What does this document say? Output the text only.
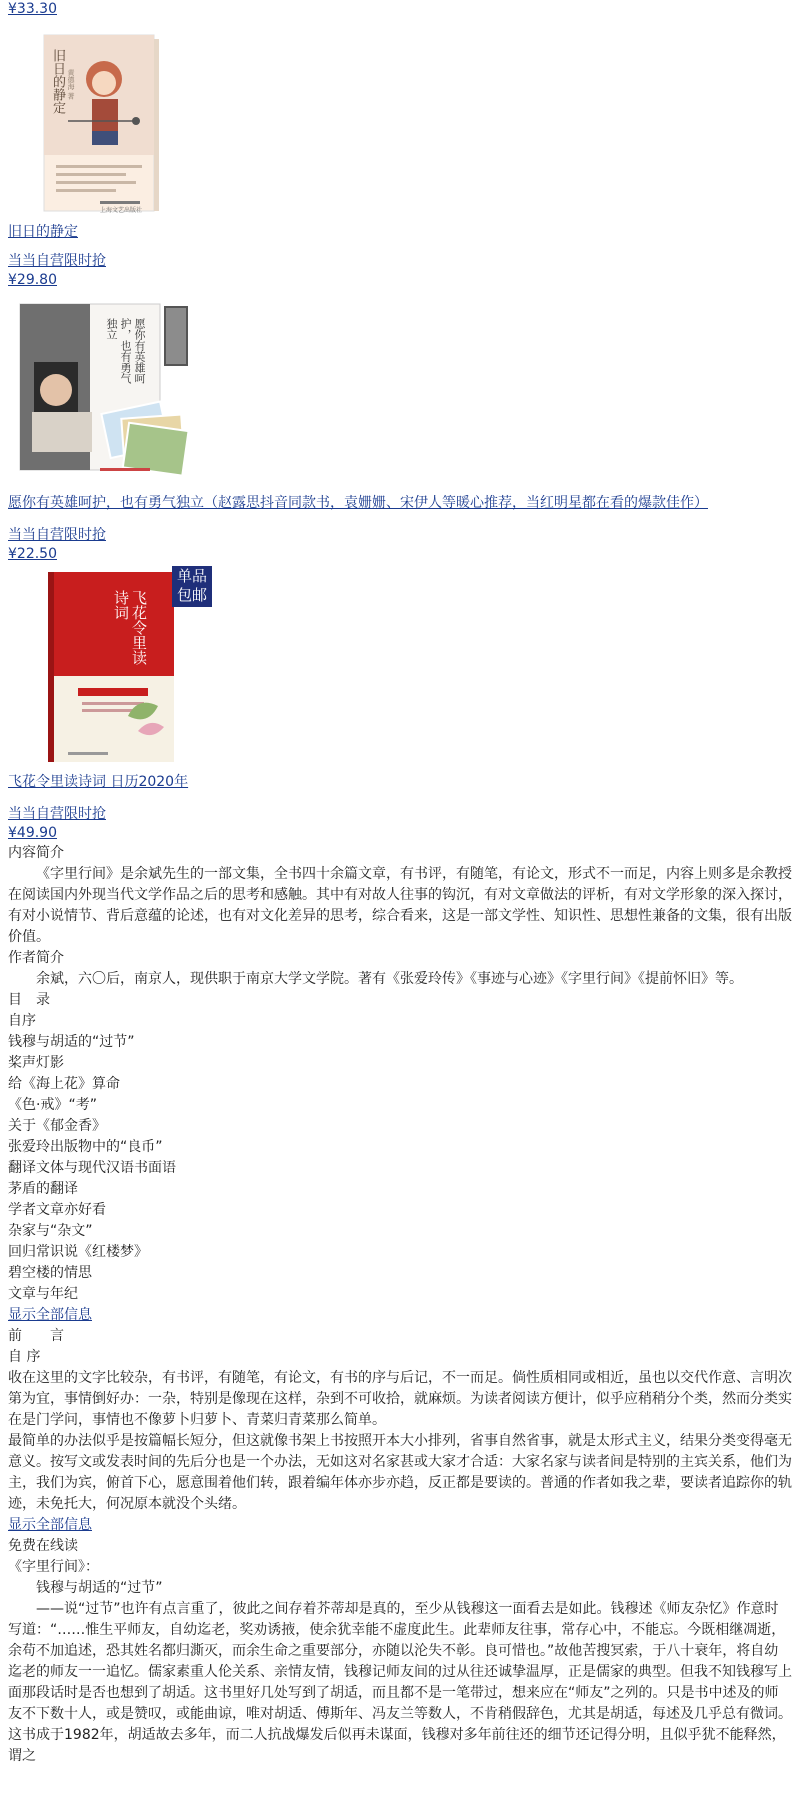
¥33.30
旧日的静定 黄德海 著
上海文艺出版社
旧日的静定
当当自营限时抢
¥29.80
愿你有英雄呵护，也有勇气独立
愿你有英雄呵护，也有勇气独立（赵露思抖音同款书，袁姗姗、宋伊人等暖心推荐，当红明星都在看的爆款佳作）
当当自营限时抢
¥22.50
飞花令里读诗词
单品
包邮
飞花令里读诗词 日历2020年
当当自营限时抢
¥49.90
内容简介

《字里行间》是余斌先生的一部文集，全书四十余篇文章，有书评，有随笔，有论文，形式不一而足，内容上则多是余教授在阅读国内外现当代文学作品之后的思考和感触。其中有对故人往事的钩沉，有对文章做法的评析，有对文学形象的深入探讨，有对小说情节、背后意蕴的论述，也有对文化差异的思考，综合看来，这是一部文学性、知识性、思想性兼备的文集，很有出版价值。

作者简介

余斌，六〇后，南京人，现供职于南京大学文学院。著有《张爱玲传》《事迹与心迹》《字里行间》《提前怀旧》等。

目　录
自序
钱穆与胡适的“过节”
桨声灯影
给《海上花》算命
《色·戒》“考”
关于《郁金香》
张爱玲出版物中的“良币”
翻译文体与现代汉语书面语
茅盾的翻译
学者文章亦好看
杂家与“杂文”
回归常识说《红楼梦》
碧空楼的情思
文章与年纪
显示全部信息
前　　言
自 序

收在这里的文字比较杂，有书评，有随笔，有论文，有书的序与后记，不一而足。倘性质相同或相近，虽也以交代作意、言明次第为宜，事情倒好办：一杂，特别是像现在这样，杂到不可收拾，就麻烦。为读者阅读方便计，似乎应稍稍分个类，然而分类实在是门学问，事情也不像萝卜归萝卜、青菜归青菜那么简单。

最简单的办法似乎是按篇幅长短分，但这就像书架上书按照开本大小排列，省事自然省事，就是太形式主义，结果分类变得毫无意义。按写文或发表时间的先后分也是一个办法，无如这对名家甚或大家才合适：大家名家与读者间是特别的主宾关系，他们为主，我们为宾，俯首下心，愿意围着他们转，跟着编年体亦步亦趋，反正都是要读的。普通的作者如我之辈，要读者追踪你的轨迹，未免托大，何况原本就没个头绪。

显示全部信息
免费在线读
《字里行间》：
钱穆与胡适的“过节”

——说“过节”也许有点言重了，彼此之间存着芥蒂却是真的，至少从钱穆这一面看去是如此。钱穆述《师友杂忆》作意时写道：“……惟生平师友，自幼迄老，奖劝诱掖，使余犹幸能不虚度此生。此辈师友往事，常存心中，不能忘。今既相继凋逝，余苟不加追述，恐其姓名都归澌灭，而余生命之重要部分，亦随以沦失不彰。良可惜也。”故他苦搜冥索，于八十衰年，将自幼迄老的师友一一追忆。儒家素重人伦关系、亲情友情，钱穆记师友间的过从往还诚挚温厚，正是儒家的典型。但我不知钱穆写上面那段话时是否也想到了胡适。这书里好几处写到了胡适，而且都不是一笔带过，想来应在“师友”之列的。只是书中述及的师友不下数十人，或是赞叹，或能曲谅，唯对胡适、傅斯年、冯友兰等数人，不肯稍假辞色，尤其是胡适，每述及几乎总有微词。这书成于1982年，胡适故去多年，而二人抗战爆发后似再未谋面，钱穆对多年前往还的细节还记得分明，且似乎犹不能释然，谓之
